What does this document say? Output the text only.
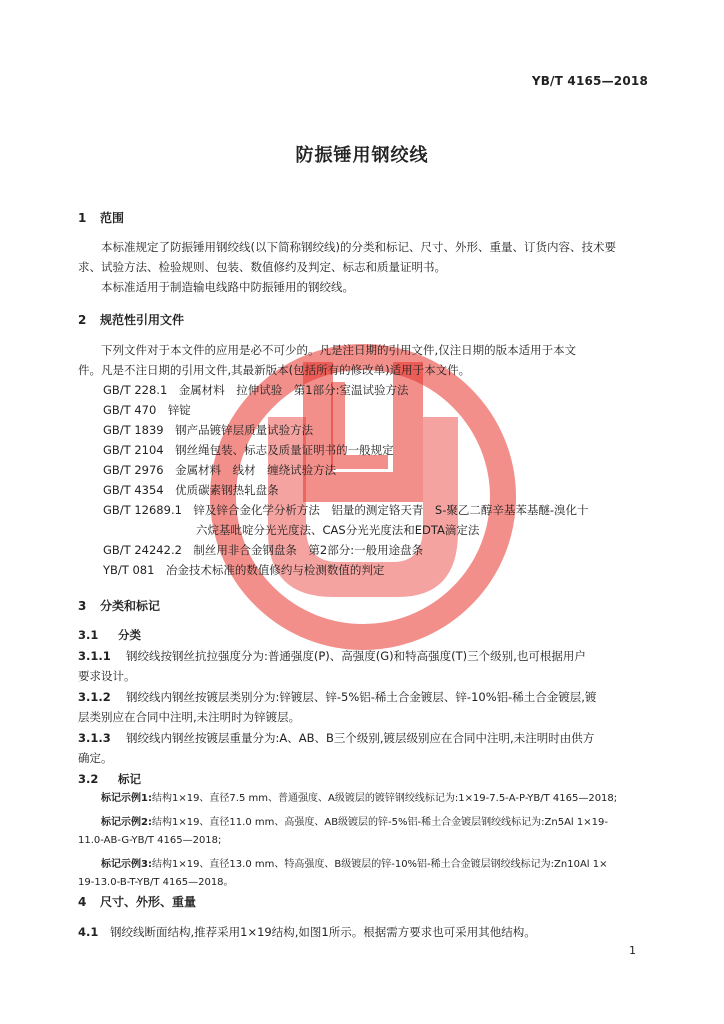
YB/T 4165—2018
防振锤用钢绞线
1 范围
本标准规定了防振锤用钢绞线(以下简称钢绞线)的分类和标记、尺寸、外形、重量、订货内容、技术要
求、试验方法、检验规则、包装、数值修约及判定、标志和质量证明书。
本标准适用于制造输电线路中防振锤用的钢绞线。
2 规范性引用文件
下列文件对于本文件的应用是必不可少的。凡是注日期的引用文件,仅注日期的版本适用于本文
件。凡是不注日期的引用文件,其最新版本(包括所有的修改单)适用于本文件。
GB/T 228.1　 金属材料　拉伸试验　第1部分:室温试验方法
GB/T 470　 锌锭
GB/T 1839　 钢产品镀锌层质量试验方法
GB/T 2104　 钢丝绳包装、标志及质量证明书的一般规定
GB/T 2976　 金属材料　线材　缠绕试验方法
GB/T 4354　 优质碳素钢热轧盘条
GB/T 12689.1　 锌及锌合金化学分析方法　铝量的测定铬天青　S-聚乙二醇辛基苯基醚-溴化十
六烷基吡啶分光光度法、CAS分光光度法和EDTA滴定法
GB/T 24242.2　 制丝用非合金钢盘条　第2部分:一般用途盘条
YB/T 081　 冶金技术标准的数值修约与检测数值的判定
3 分类和标记
3.1 分类
3.1.1 钢绞线按钢丝抗拉强度分为:普通强度(P)、高强度(G)和特高强度(T)三个级别,也可根据用户
要求设计。
3.1.2 钢绞线内钢丝按镀层类别分为:锌镀层、锌-5%铝-稀土合金镀层、锌-10%铝-稀土合金镀层,镀
层类别应在合同中注明,未注明时为锌镀层。
3.1.3 钢绞线内钢丝按镀层重量分为:A、AB、B三个级别,镀层级别应在合同中注明,未注明时由供方
确定。
3.2 标记
标记示例1:结构1×19、直径7.5 mm、普通强度、A级镀层的镀锌钢绞线标记为:1×19-7.5-A-P-YB/T 4165—2018;
标记示例2:结构1×19、直径11.0 mm、高强度、AB级镀层的锌-5%铝-稀土合金镀层钢绞线标记为:Zn5Al 1×19-
11.0-AB-G-YB/T 4165—2018;
标记示例3:结构1×19、直径13.0 mm、特高强度、B级镀层的锌-10%铝-稀土合金镀层钢绞线标记为:Zn10Al 1×
19-13.0-B-T-YB/T 4165—2018。
4 尺寸、外形、重量
4.1 钢绞线断面结构,推荐采用1×19结构,如图1所示。根据需方要求也可采用其他结构。
1
